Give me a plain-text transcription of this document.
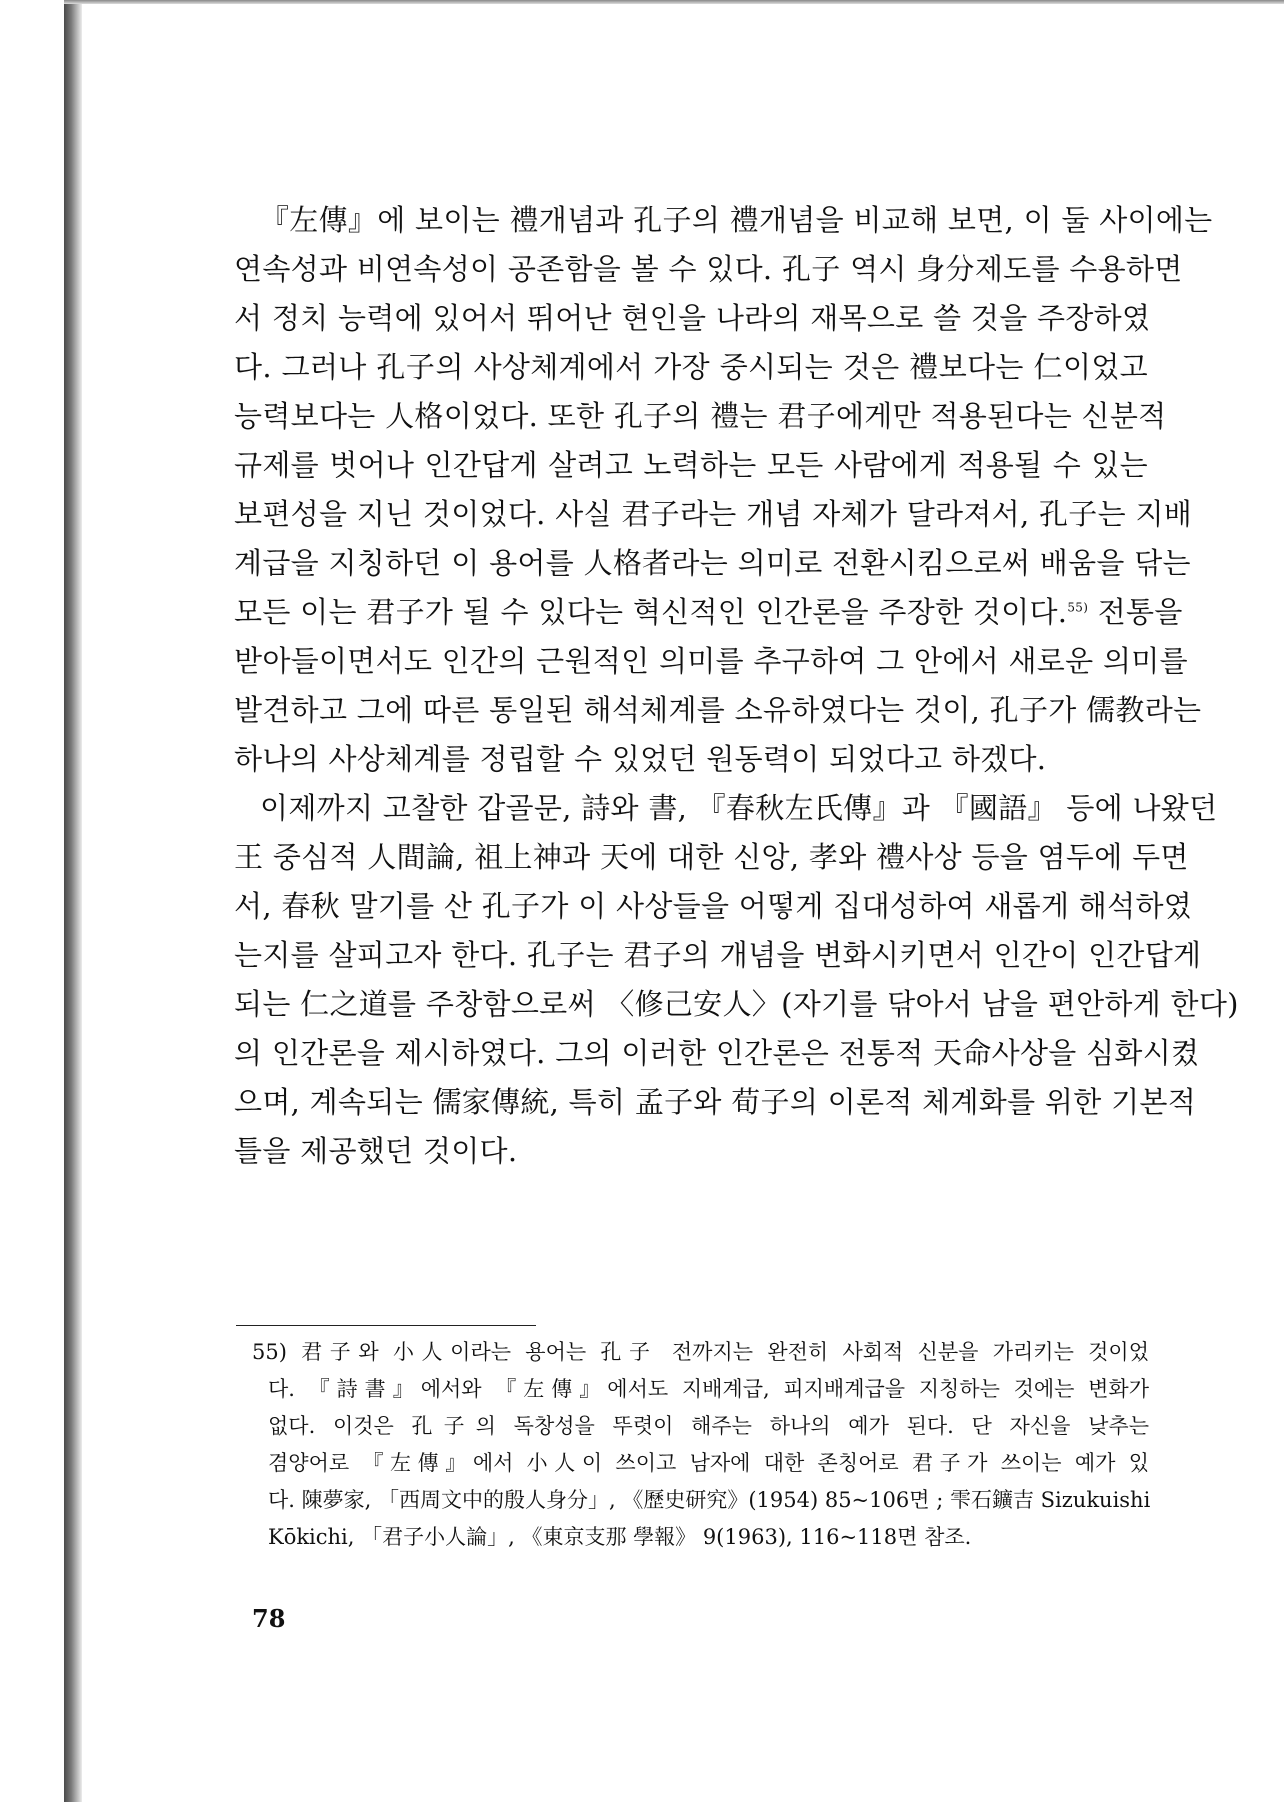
『左傳』에 보이는 禮개념과 孔子의 禮개념을 비교해 보면, 이 둘 사이에는
연속성과 비연속성이 공존함을 볼 수 있다. 孔子 역시 身分제도를 수용하면
서 정치 능력에 있어서 뛰어난 현인을 나라의 재목으로 쓸 것을 주장하였
다. 그러나 孔子의 사상체계에서 가장 중시되는 것은 禮보다는 仁이었고
능력보다는 人格이었다. 또한 孔子의 禮는 君子에게만 적용된다는 신분적
규제를 벗어나 인간답게 살려고 노력하는 모든 사람에게 적용될 수 있는
보편성을 지닌 것이었다. 사실 君子라는 개념 자체가 달라져서, 孔子는 지배
계급을 지칭하던 이 용어를 人格者라는 의미로 전환시킴으로써 배움을 닦는
모든 이는 君子가 될 수 있다는 혁신적인 인간론을 주장한 것이다.$^{55)}$ 전통을
받아들이면서도 인간의 근원적인 의미를 추구하여 그 안에서 새로운 의미를
발견하고 그에 따른 통일된 해석체계를 소유하였다는 것이, 孔子가 儒教라는
하나의 사상체계를 정립할 수 있었던 원동력이 되었다고 하겠다.
이제까지 고찰한 갑골문, 詩와 書, 『春秋左氏傳』과 『國語』 등에 나왔던
王 중심적 人間論, 祖上神과 天에 대한 신앙, 孝와 禮사상 등을 염두에 두면
서, 春秋 말기를 산 孔子가 이 사상들을 어떻게 집대성하여 새롭게 해석하였
는지를 살피고자 한다. 孔子는 君子의 개념을 변화시키면서 인간이 인간답게
되는 仁之道를 주창함으로써 〈修己安人〉(자기를 닦아서 남을 편안하게 한다)
의 인간론을 제시하였다. 그의 이러한 인간론은 전통적 天命사상을 심화시켰
으며, 계속되는 儒家傳統, 특히 孟子와 荀子의 이론적 체계화를 위한 기본적
틀을 제공했던 것이다.
55) 君子와 小人이라는 용어는 孔子 전까지는 완전히 사회적 신분을 가리키는 것이었
다. 『詩書』에서와 『左傳』에서도 지배계급, 피지배계급을 지칭하는 것에는 변화가
없다. 이것은 孔子의 독창성을 뚜렷이 해주는 하나의 예가 된다. 단 자신을 낮추는
겸양어로 『左傳』에서 小人이 쓰이고 남자에 대한 존칭어로 君子가 쓰이는 예가 있
다. 陳夢家, 「西周文中的殷人身分」, 《歷史研究》(1954) 85~106면 ; 雫石鑛吉 Sizukuishi
Kōkichi, 「君子小人論」, 《東京支那 學報》 9(1963), 116~118면 참조.
78
